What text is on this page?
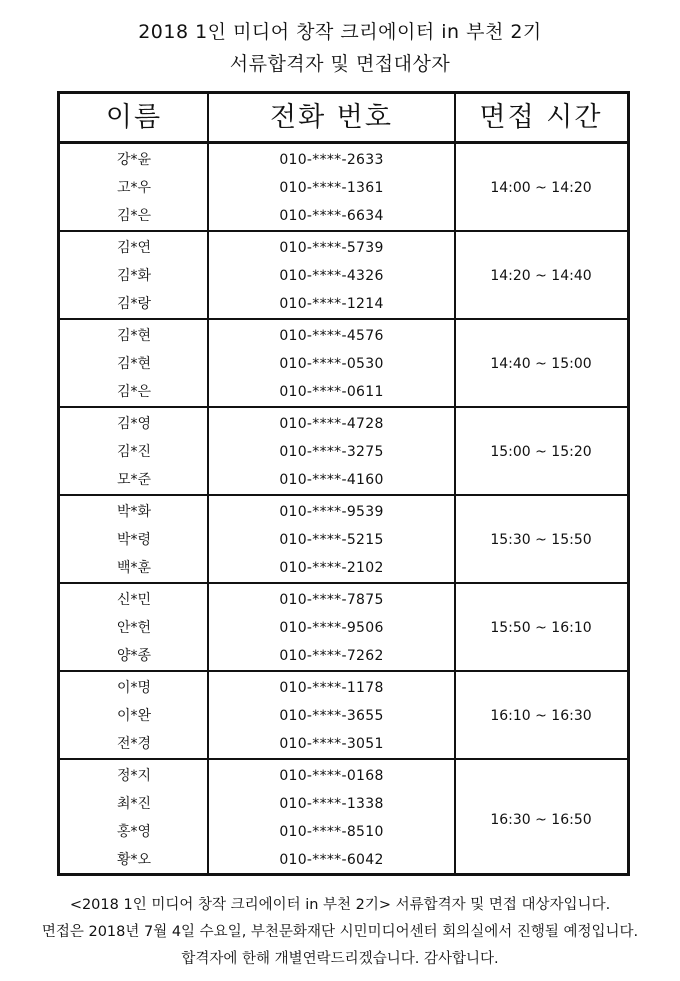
2018 1인 미디어 창작 크리에이터 in 부천 2기
서류합격자 및 면접대상자
이름	전화 번호	면접 시간
강*윤	010-****-2633
고*우	010-****-1361
김*은	010-****-6634
14:00 ~ 14:20
김*연	010-****-5739
김*화	010-****-4326
김*랑	010-****-1214
14:20 ~ 14:40
김*현	010-****-4576
김*현	010-****-0530
김*은	010-****-0611
14:40 ~ 15:00
김*영	010-****-4728
김*진	010-****-3275
모*준	010-****-4160
15:00 ~ 15:20
박*화	010-****-9539
박*령	010-****-5215
백*훈	010-****-2102
15:30 ~ 15:50
신*민	010-****-7875
안*헌	010-****-9506
양*종	010-****-7262
15:50 ~ 16:10
이*명	010-****-1178
이*완	010-****-3655
전*경	010-****-3051
16:10 ~ 16:30
정*지	010-****-0168
최*진	010-****-1338
홍*영	010-****-8510
황*오	010-****-6042
16:30 ~ 16:50
<2018 1인 미디어 창작 크리에이터 in 부천 2기> 서류합격자 및 면접 대상자입니다.
면접은 2018년 7월 4일 수요일, 부천문화재단 시민미디어센터 회의실에서 진행될 예정입니다.
합격자에 한해 개별연락드리겠습니다. 감사합니다.
